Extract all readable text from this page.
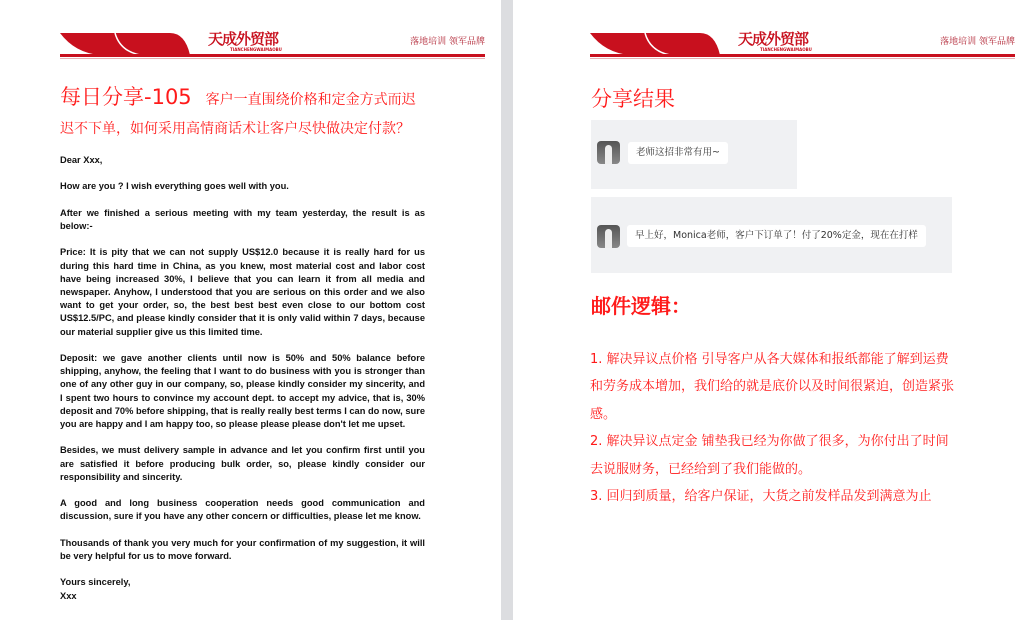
天成外贸部
TIANCHENGWAIMAOBU
落地培训 领军品牌
每日分享-105 客户一直围绕价格和定金方式而迟
迟不下单，如何采用高情商话术让客户尽快做决定付款？

Dear Xxx,

How are you ? I wish everything goes well with you.

After we finished a serious meeting with my team yesterday, the result is as below:-

Price: It is pity that we can not supply US$12.0 because it is really hard for us during this hard time in China, as you knew, most material cost and labor cost have being increased 30%, I believe that you can learn it from all media and newspaper. Anyhow, I understood that you are serious on this order and we also want to get your order, so, the best best best even close to our bottom cost US$12.5/PC, and please kindly consider that it is only valid within 7 days, because our material supplier give us this limited time.

Deposit: we gave another clients until now is 50% and 50% balance before shipping, anyhow, the feeling that I want to do business with you is stronger than one of any other guy in our company, so, please kindly consider my sincerity, and I spent two hours to convince my account dept. to accept my advice, that is, 30% deposit and 70% before shipping, that is really really best terms I can do now, sure you are happy and I am happy too, so please please please don't let me upset.

Besides, we must delivery sample in advance and let you confirm first until you are satisfied it before producing bulk order, so, please kindly consider our responsibility and sincerity.

A good and long business cooperation needs good communication and discussion, sure if you have any other concern or difficulties, please let me know.

Thousands of thank you very much for your confirmation of my suggestion, it will be very helpful for us to move forward.

Yours sincerely,
Xxx
天成外贸部
TIANCHENGWAIMAOBU
落地培训 领军品牌
分享结果
老师这招非常有用~
早上好，Monica老师，客户下订单了！付了20%定金，现在在打样
邮件逻辑：
1. 解决异议点价格 引导客户从各大媒体和报纸都能了解到运费和劳务成本增加，我们给的就是底价以及时间很紧迫，创造紧张感。
2. 解决异议点定金 铺垫我已经为你做了很多，为你付出了时间去说服财务，已经给到了我们能做的。
3. 回归到质量，给客户保证，大货之前发样品发到满意为止
